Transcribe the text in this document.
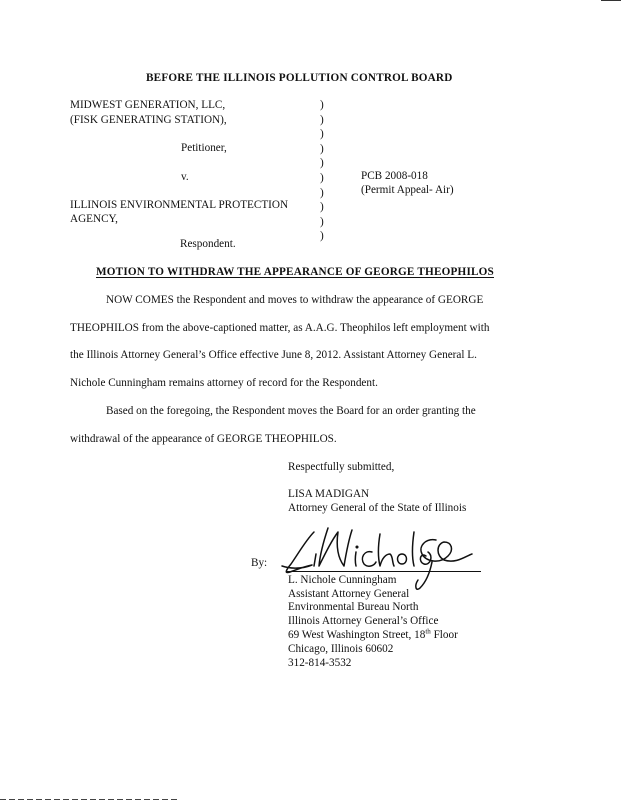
BEFORE THE ILLINOIS POLLUTION CONTROL BOARD
MIDWEST GENERATION, LLC,
(FISK GENERATING STATION),
Petitioner,
v.
ILLINOIS ENVIRONMENTAL PROTECTION
AGENCY,
Respondent.
)
)
)
)
)
)
)
)
)
)
PCB 2008-018
(Permit Appeal- Air)
MOTION TO WITHDRAW THE APPEARANCE OF GEORGE THEOPHILOS
NOW COMES the Respondent and moves to withdraw the appearance of GEORGE
THEOPHILOS from the above-captioned matter, as A.A.G. Theophilos left employment with
the Illinois Attorney General’s Office effective June 8, 2012. Assistant Attorney General L.
Nichole Cunningham remains attorney of record for the Respondent.
Based on the foregoing, the Respondent moves the Board for an order granting the
withdrawal of the appearance of GEORGE THEOPHILOS.
Respectfully submitted,
LISA MADIGAN
Attorney General of the State of Illinois
By:
L. Nichole Cunningham
Assistant Attorney General
Environmental Bureau North
Illinois Attorney General’s Office
69 West Washington Street, 18th Floor
Chicago, Illinois 60602
312-814-3532
